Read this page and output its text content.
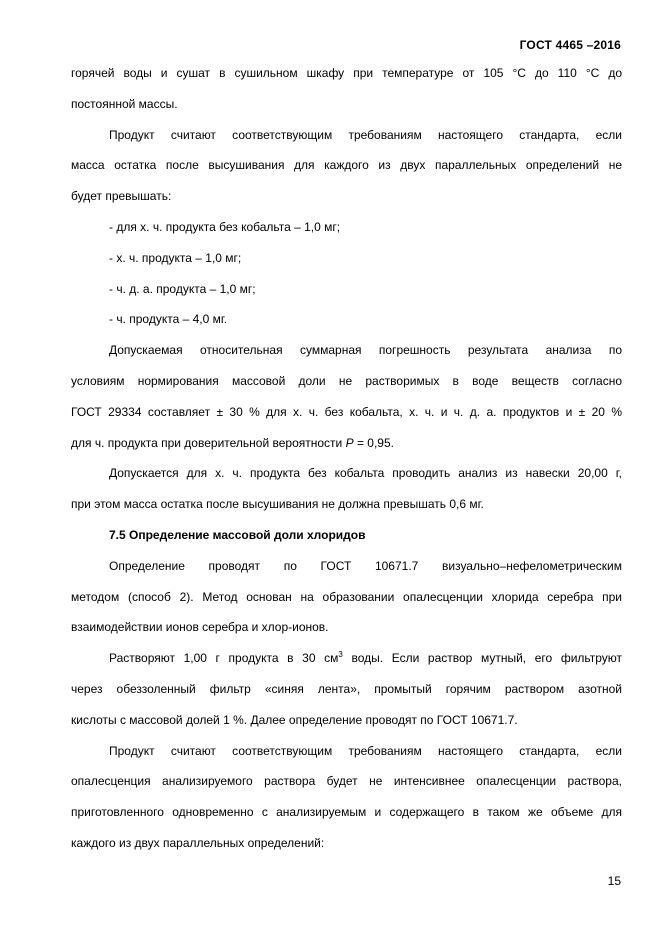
ГОСТ 4465 –2016
горячей воды и сушат в сушильном шкафу при температуре от 105 °C до 110 °C до
постоянной массы.
Продукт считают соответствующим требованиям настоящего стандарта, если
масса остатка после высушивания для каждого из двух параллельных определений не
будет превышать:
- для х. ч. продукта без кобальта – 1,0 мг;
- х. ч. продукта – 1,0 мг;
- ч. д. а. продукта – 1,0 мг;
- ч. продукта – 4,0 мг.
Допускаемая относительная суммарная погрешность результата анализа по
условиям нормирования массовой доли не растворимых в воде веществ согласно
ГОСТ 29334 составляет ± 30 % для х. ч. без кобальта, х. ч. и ч. д. а. продуктов и ± 20 %
для ч. продукта при доверительной вероятности P = 0,95.
Допускается для х. ч. продукта без кобальта проводить анализ из навески 20,00 г,
при этом масса остатка после высушивания не должна превышать 0,6 мг.
7.5 Определение массовой доли хлоридов
Определение проводят по ГОСТ 10671.7 визуально–нефелометрическим
методом (способ 2). Метод основан на образовании опалесценции хлорида серебра при
взаимодействии ионов серебра и хлор-ионов.
Растворяют 1,00 г продукта в 30 $см^3$ воды. Если раствор мутный, его фильтруют
через обеззоленный фильтр «синяя лента», промытый горячим раствором азотной
кислоты с массовой долей 1 %. Далее определение проводят по ГОСТ 10671.7.
Продукт считают соответствующим требованиям настоящего стандарта, если
опалесценция анализируемого раствора будет не интенсивнее опалесценции раствора,
приготовленного одновременно с анализируемым и содержащего в таком же объеме для
каждого из двух параллельных определений:
15
